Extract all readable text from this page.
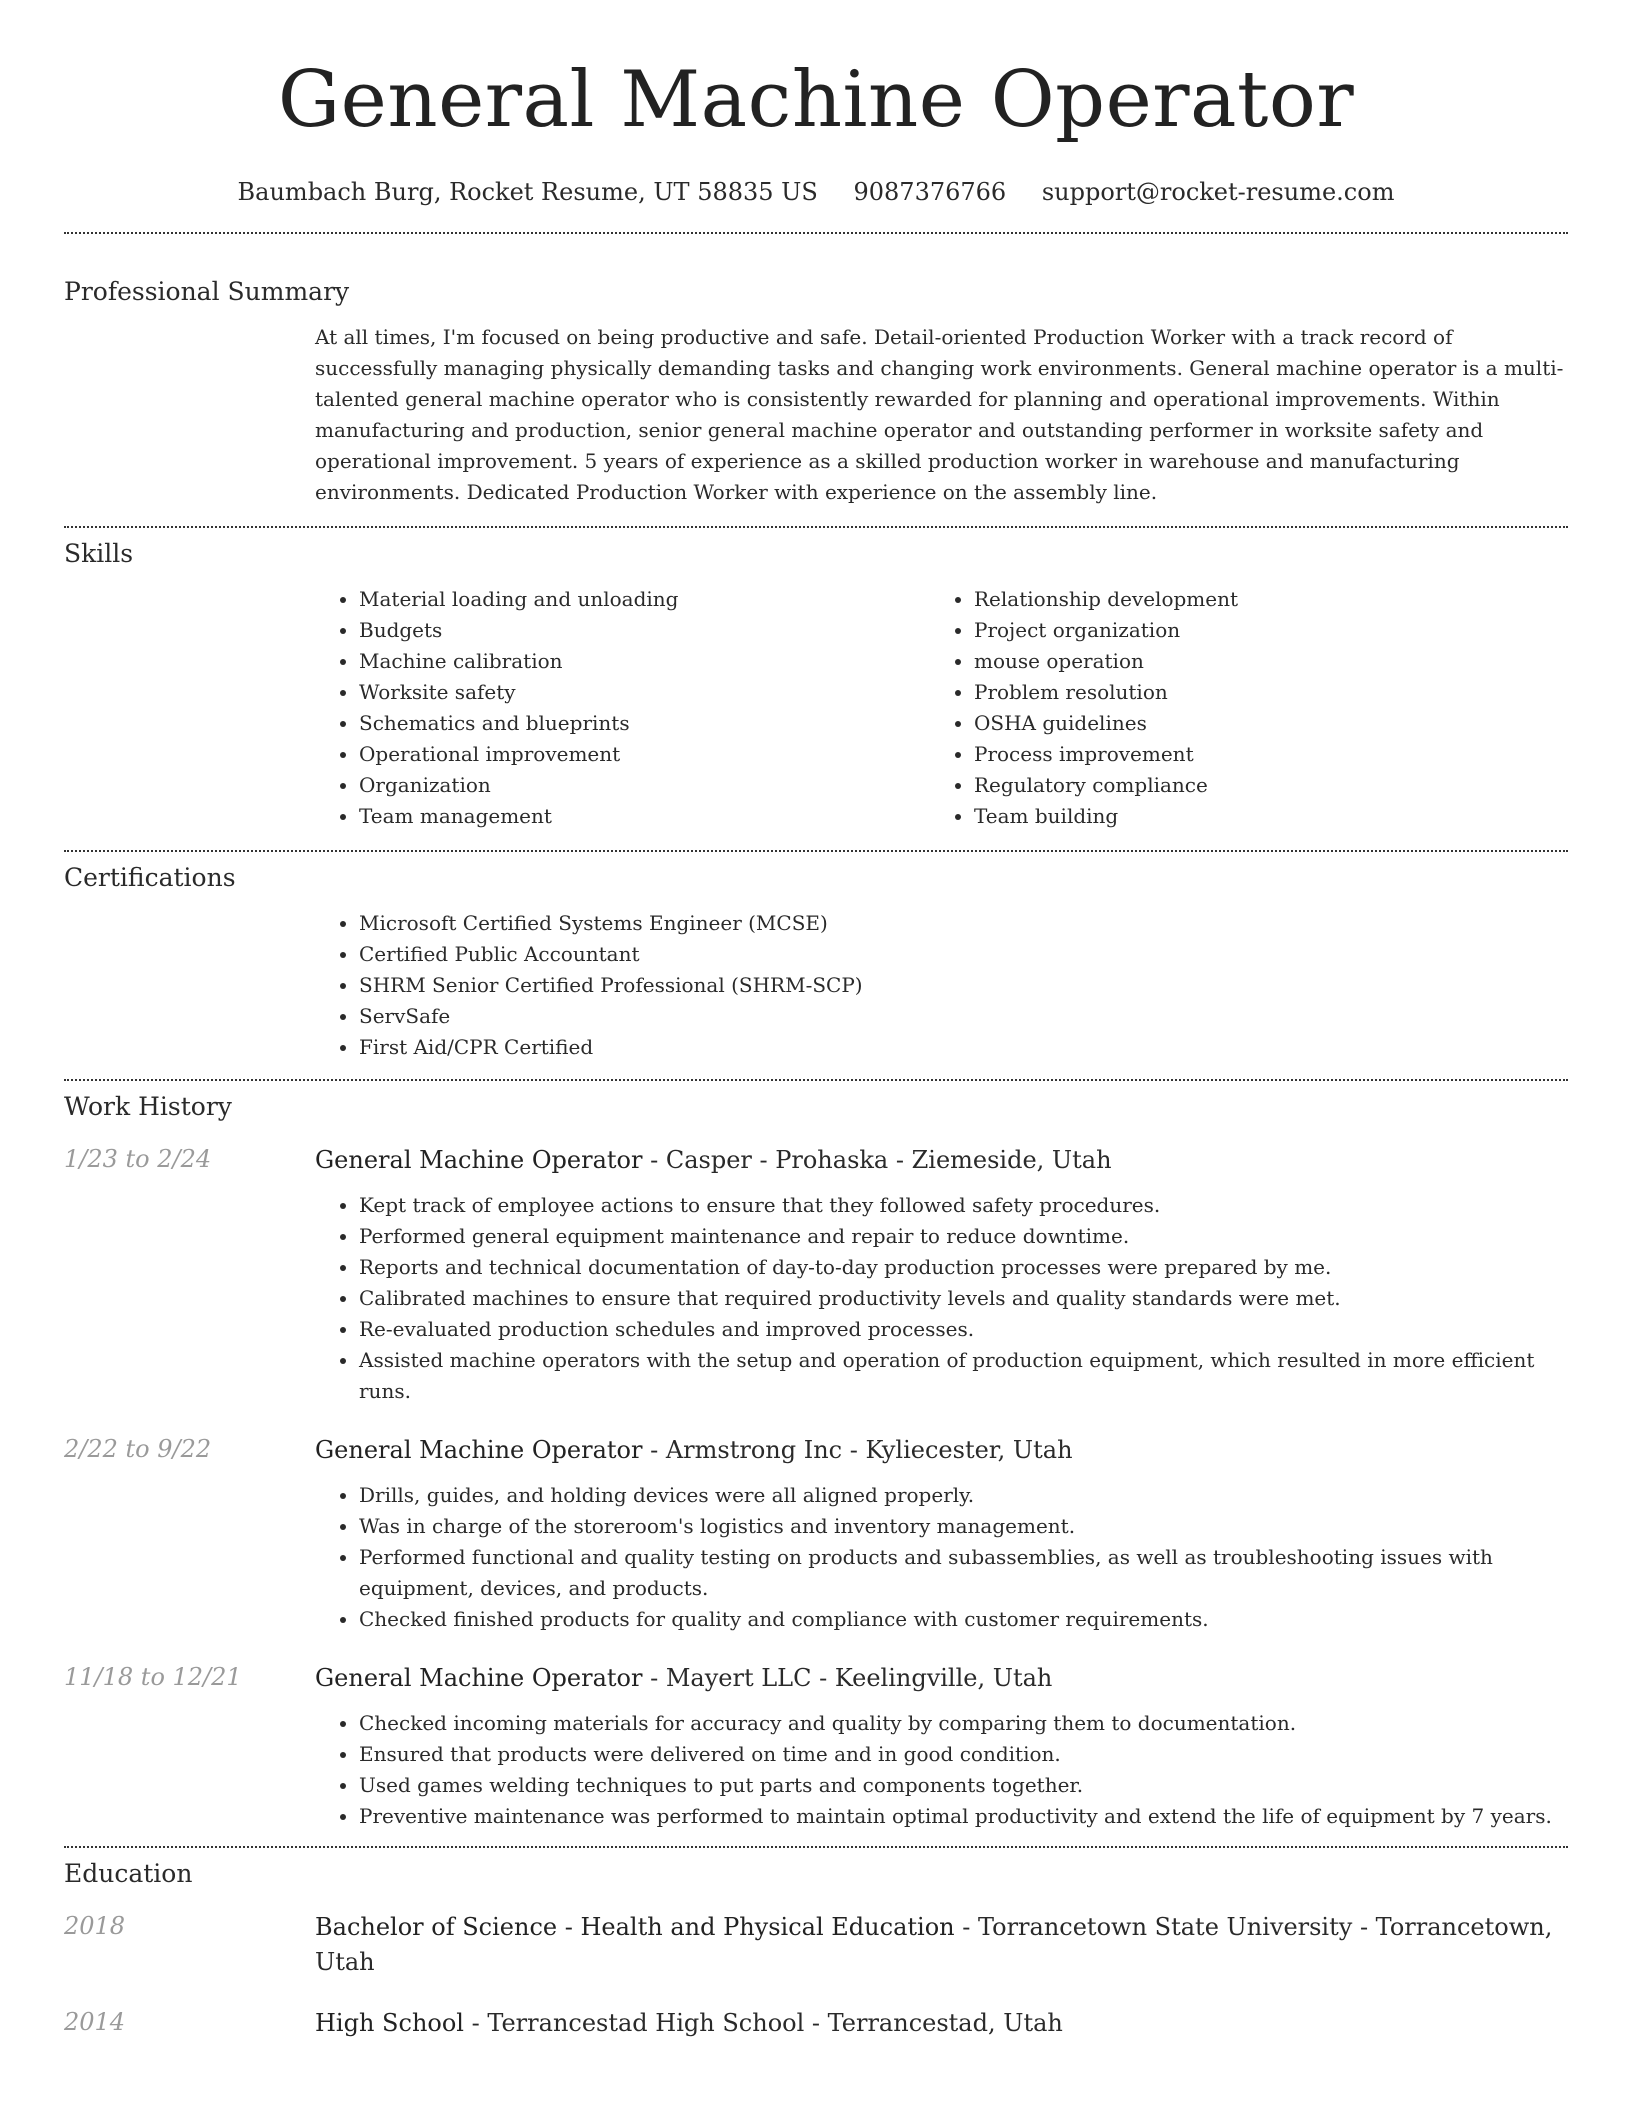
General Machine Operator
Baumbach Burg, Rocket Resume, UT 58835 US 9087376766 support@rocket-resume.com
Professional Summary

At all times, I'm focused on being productive and safe. Detail-oriented Production Worker with a track record of successfully managing physically demanding tasks and changing work environments. General machine operator is a multi-talented general machine operator who is consistently rewarded for planning and operational improvements. Within manufacturing and production, senior general machine operator and outstanding performer in worksite safety and operational improvement. 5 years of experience as a skilled production worker in warehouse and manufacturing environments. Dedicated Production Worker with experience on the assembly line.

Skills
• Material loading and unloading
• Budgets
• Machine calibration
• Worksite safety
• Schematics and blueprints
• Operational improvement
• Organization
• Team management
• Relationship development
• Project organization
• mouse operation
• Problem resolution
• OSHA guidelines
• Process improvement
• Regulatory compliance
• Team building
Certifications
• Microsoft Certified Systems Engineer (MCSE)
• Certified Public Accountant
• SHRM Senior Certified Professional (SHRM-SCP)
• ServSafe
• First Aid/CPR Certified
Work History
1/23 to 2/24	General Machine Operator - Casper - Prohaska - Ziemeside, Utah
• Kept track of employee actions to ensure that they followed safety procedures.
• Performed general equipment maintenance and repair to reduce downtime.
• Reports and technical documentation of day-to-day production processes were prepared by me.
• Calibrated machines to ensure that required productivity levels and quality standards were met.
• Re-evaluated production schedules and improved processes.
• Assisted machine operators with the setup and operation of production equipment, which resulted in more efficient runs.
2/22 to 9/22	General Machine Operator - Armstrong Inc - Kyliecester, Utah
• Drills, guides, and holding devices were all aligned properly.
• Was in charge of the storeroom's logistics and inventory management.
• Performed functional and quality testing on products and subassemblies, as well as troubleshooting issues with equipment, devices, and products.
• Checked finished products for quality and compliance with customer requirements.
11/18 to 12/21	General Machine Operator - Mayert LLC - Keelingville, Utah
• Checked incoming materials for accuracy and quality by comparing them to documentation.
• Ensured that products were delivered on time and in good condition.
• Used games welding techniques to put parts and components together.
• Preventive maintenance was performed to maintain optimal productivity and extend the life of equipment by 7 years.
Education
2018	Bachelor of Science - Health and Physical Education - Torrancetown State University - Torrancetown, Utah
2014	High School - Terrancestad High School - Terrancestad, Utah
